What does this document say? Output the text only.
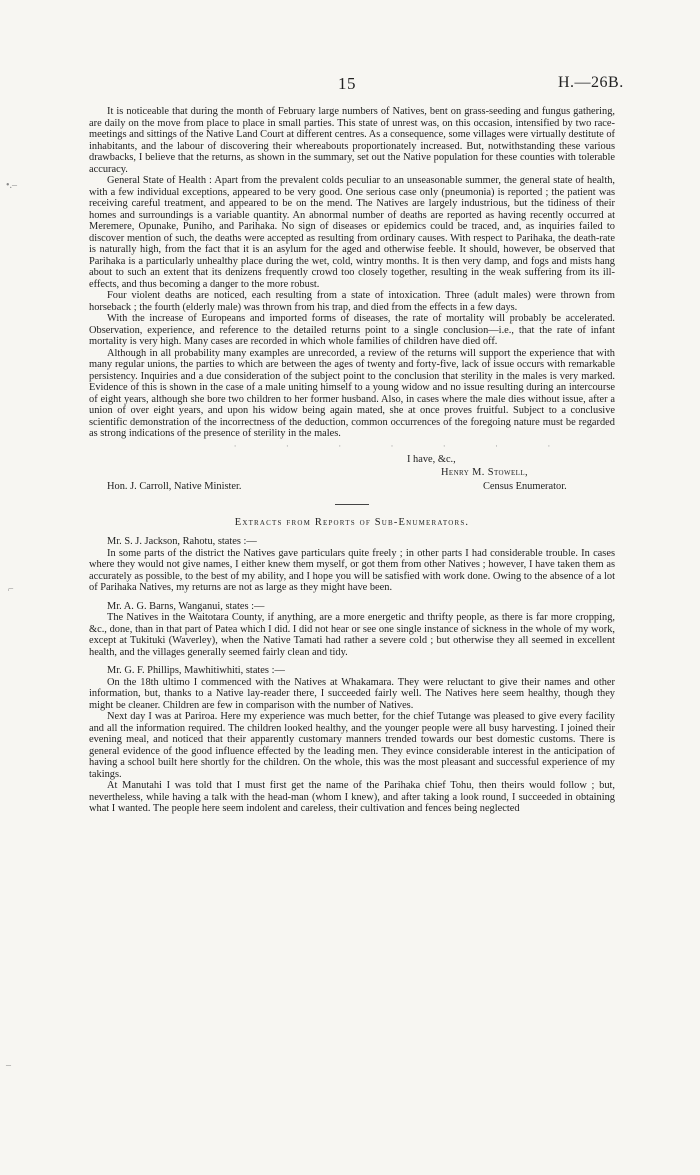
15	H.—26B.
•.–
⌐
–

It is noticeable that during the month of February large numbers of Natives, bent on grass-seeding and fungus gathering, are daily on the move from place to place in small parties. This state of unrest was, on this occasion, intensified by two race-meetings and sittings of the Native Land Court at different centres. As a consequence, some villages were virtually destitute of inhabitants, and the labour of discovering their whereabouts proportionately increased. But, notwithstanding these various drawbacks, I believe that the returns, as shown in the summary, set out the Native population for these counties with tolerable accuracy.

General State of Health : Apart from the prevalent colds peculiar to an unseasonable summer, the general state of health, with a few individual exceptions, appeared to be very good. One serious case only (pneumonia) is reported ; the patient was receiving careful treatment, and appeared to be on the mend. The Natives are largely industrious, but the tidiness of their homes and surroundings is a variable quantity. An abnormal number of deaths are reported as having recently occurred at Meremere, Opunake, Puniho, and Parihaka. No sign of diseases or epidemics could be traced, and, as inquiries failed to discover mention of such, the deaths were accepted as resulting from ordinary causes. With respect to Parihaka, the death-rate is naturally high, from the fact that it is an asylum for the aged and otherwise feeble. It should, however, be observed that Parihaka is a particularly unhealthy place during the wet, cold, wintry months. It is then very damp, and fogs and mists hang about to such an extent that its denizens frequently crowd too closely together, resulting in the weak suffering from its ill-effects, and thus becoming a danger to the more robust.

Four violent deaths are noticed, each resulting from a state of intoxication. Three (adult males) were thrown from horseback ; the fourth (elderly male) was thrown from his trap, and died from the effects in a few days.

With the increase of Europeans and imported forms of diseases, the rate of mortality will probably be accelerated. Observation, experience, and reference to the detailed returns point to a single conclusion—i.e., that the rate of infant mortality is very high. Many cases are recorded in which whole families of children have died off.

Although in all probability many examples are unrecorded, a review of the returns will support the experience that with many regular unions, the parties to which are between the ages of twenty and forty-five, lack of issue occurs with remarkable persistency. Inquiries and a due consideration of the subject point to the conclusion that sterility in the males is very marked. Evidence of this is shown in the case of a male uniting himself to a young widow and no issue resulting during an intercourse of eight years, although she bore two children to her former husband. Also, in cases where the male dies without issue, after a union of over eight years, and upon his widow being again mated, she at once proves fruitful. Subject to a conclusive scientific demonstration of the incorrectness of the deduction, common occurrences of the foregoing nature must be regarded as strong indications of the presence of sterility in the males.

·	·	·	·	·	·	·
I have, &c.,
Henry M. Stowell,
Hon. J. Carroll, Native Minister.	Census Enumerator.
Extracts from Reports of Sub-Enumerators.

Mr. S. J. Jackson, Rahotu, states :—

In some parts of the district the Natives gave particulars quite freely ; in other parts I had considerable trouble. In cases where they would not give names, I either knew them myself, or got them from other Natives ; however, I have taken them as accurately as possible, to the best of my ability, and I hope you will be satisfied with work done. Owing to the absence of a lot of Parihaka Natives, my returns are not as large as they might have been.

Mr. A. G. Barns, Wanganui, states :—

The Natives in the Waitotara County, if anything, are a more energetic and thrifty people, as there is far more cropping, &c., done, than in that part of Patea which I did. I did not hear or see one single instance of sickness in the whole of my work, except at Tukituki (Waverley), when the Native Tamati had rather a severe cold ; but otherwise they all seemed in excellent health, and the villages generally seemed fairly clean and tidy.

Mr. G. F. Phillips, Mawhitiwhiti, states :—

On the 18th ultimo I commenced with the Natives at Whakamara. They were reluctant to give their names and other information, but, thanks to a Native lay-reader there, I succeeded fairly well. The Natives here seem healthy, though they might be cleaner. Children are few in comparison with the number of Natives.

Next day I was at Pariroa. Here my experience was much better, for the chief Tutange was pleased to give every facility and all the information required. The children looked healthy, and the younger people were all busy harvesting. I joined their evening meal, and noticed that their apparently customary manners trended towards our best domestic customs. There is general evidence of the good influence effected by the leading men. They evince considerable interest in the anticipation of having a school built here shortly for the children. On the whole, this was the most pleasant and successful experience of my takings.

At Manutahi I was told that I must first get the name of the Parihaka chief Tohu, then theirs would follow ; but, nevertheless, while having a talk with the head-man (whom I knew), and after taking a look round, I succeeded in obtaining what I wanted. The people here seem indolent and careless, their cultivation and fences being neglected
